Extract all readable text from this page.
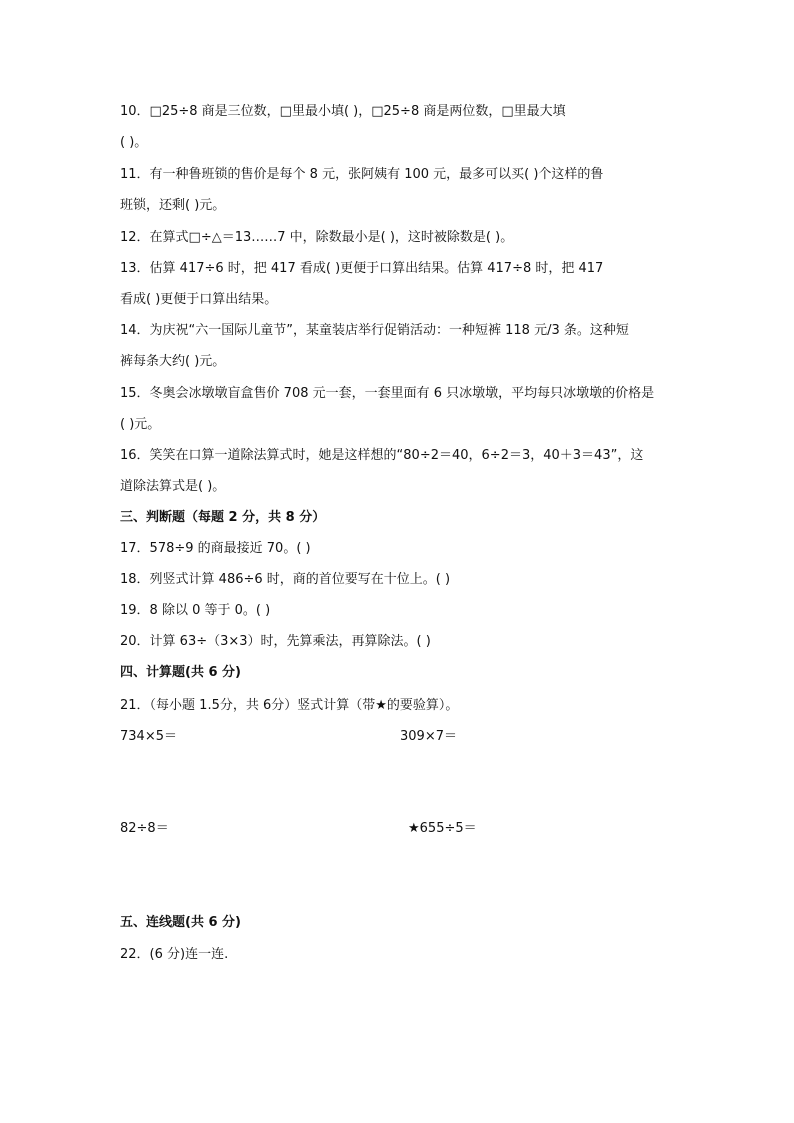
10．□25÷8 商是三位数，□里最小填( )，□25÷8 商是两位数，□里最大填
( )。
11．有一种鲁班锁的售价是每个 8 元，张阿姨有 100 元，最多可以买( )个这样的鲁
班锁，还剩( )元。
12．在算式□÷△＝13……7 中，除数最小是( )，这时被除数是( )。
13．估算 417÷6 时，把 417 看成( )更便于口算出结果。估算 417÷8 时，把 417
看成( )更便于口算出结果。
14．为庆祝“六一国际儿童节”，某童装店举行促销活动：一种短裤 118 元/3 条。这种短
裤每条大约( )元。
15．冬奥会冰墩墩盲盒售价 708 元一套，一套里面有 6 只冰墩墩，平均每只冰墩墩的价格是
( )元。
16．笑笑在口算一道除法算式时，她是这样想的“80÷2＝40，6÷2＝3，40＋3＝43”，这
道除法算式是( )。
三、判断题（每题 2 分，共 8 分）
17．578÷9 的商最接近 70。( )
18．列竖式计算 486÷6 时，商的首位要写在十位上。( )
19．8 除以 0 等于 0。( )
20．计算 63÷（3×3）时，先算乘法，再算除法。( )
四、计算题(共 6 分)
21．（每小题 1.5分，共 6分）竖式计算（带★的要验算）。
734×5＝	309×7＝
82÷8＝	★655÷5＝
五、连线题(共 6 分)
22．(6 分)连一连.
